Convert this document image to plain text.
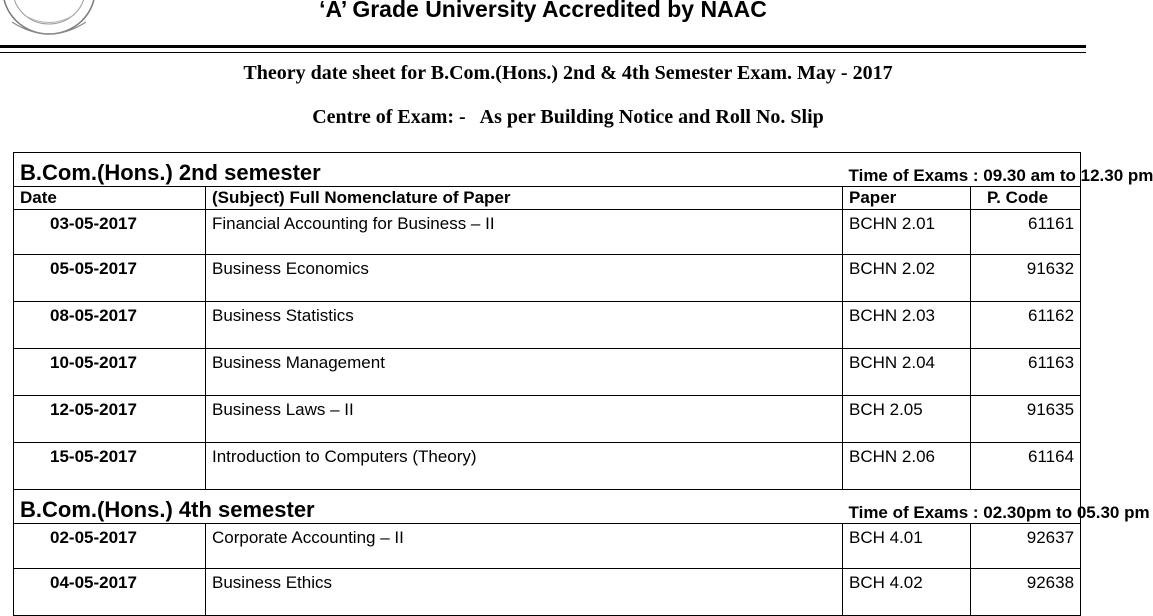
‘A’ Grade University Accredited by NAAC
Theory date sheet for B.Com.(Hons.) 2nd & 4th Semester Exam. May - 2017
Centre of Exam: - As per Building Notice and Roll No. Slip
B.Com.(Hons.) 2nd semester		Time of Exams : 09.30 am to 12.30 pm	
Date	(Subject) Full Nomenclature of Paper	Paper	P. Code
03-05-2017	Financial Accounting for Business – II	BCHN 2.01	61161
05-05-2017	Business Economics	BCHN 2.02	91632
08-05-2017	Business Statistics	BCHN 2.03	61162
10-05-2017	Business Management	BCHN 2.04	61163
12-05-2017	Business Laws – II	BCH 2.05	91635
15-05-2017	Introduction to Computers (Theory)	BCHN 2.06	61164
B.Com.(Hons.) 4th semester		Time of Exams : 02.30pm to 05.30 pm	
02-05-2017	Corporate Accounting – II	BCH 4.01	92637
04-05-2017	Business Ethics	BCH 4.02	92638
